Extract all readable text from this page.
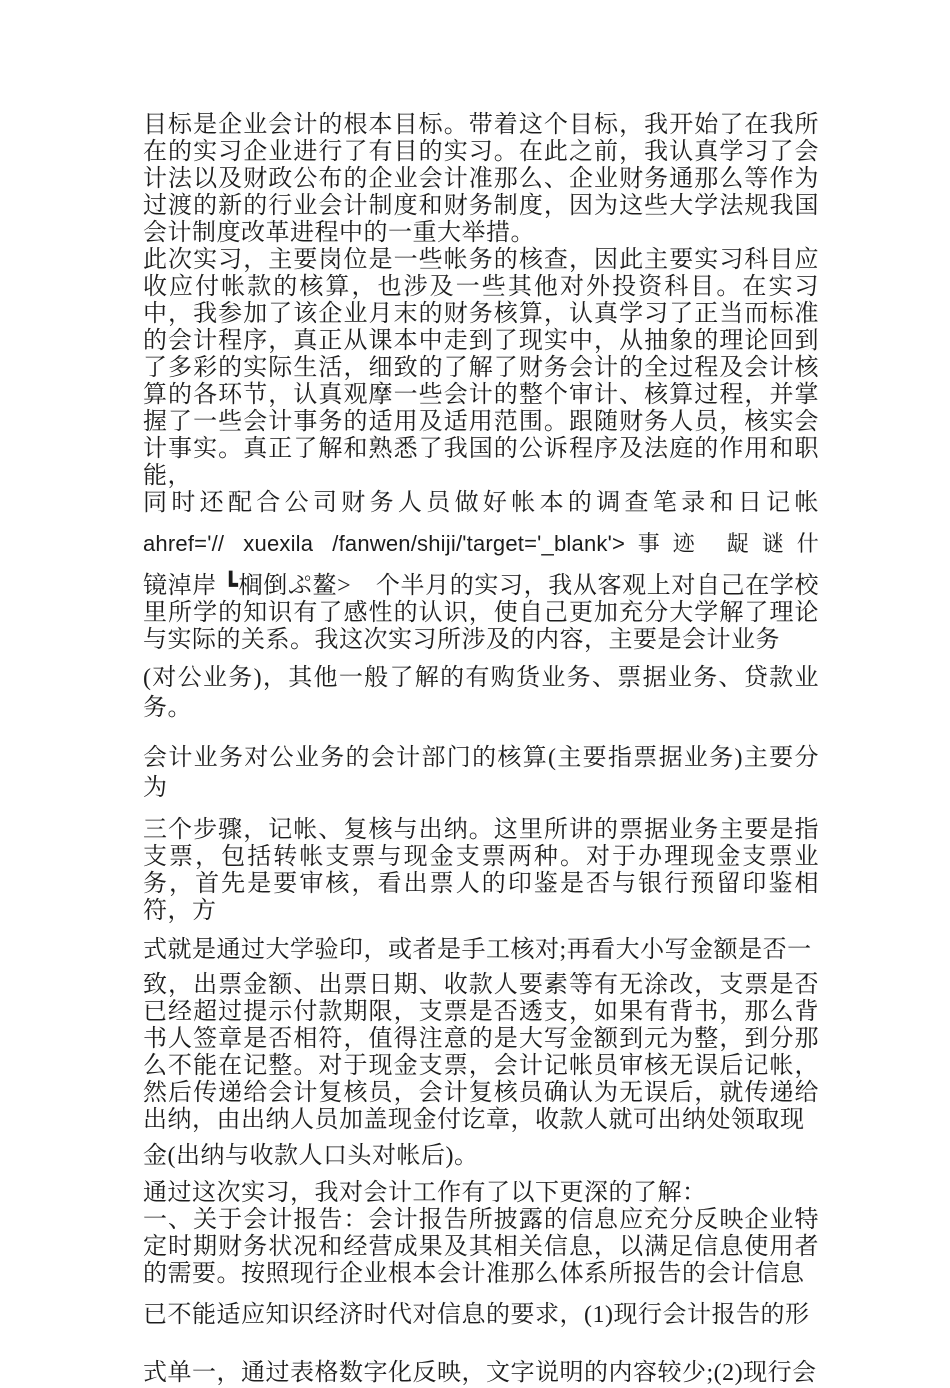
目标是企业会计的根本目标。带着这个目标，我开始了在我所在的实习企业进行了有目的实习。在此之前，我认真学习了会计法以及财政公布的企业会计准那么、企业财务通那么等作为过渡的新的行业会计制度和财务制度，因为这些大学法规我国会计制度改革进程中的一重大举措。

此次实习，主要岗位是一些帐务的核查，因此主要实习科目应收应付帐款的核算，也涉及一些其他对外投资科目。在实习中，我参加了该企业月末的财务核算，认真学习了正当而标准的会计程序，真正从课本中走到了现实中，从抽象的理论回到了多彩的实际生活，细致的了解了财务会计的全过程及会计核算的各环节，认真观摩一些会计的整个审计、核算过程，并掌握了一些会计事务的适用及适用范围。跟随财务人员，核实会计事实。真正了解和熟悉了我国的公诉程序及法庭的作用和职能，

同时还配合公司财务人员做好帐本的调查笔录和日记帐

ahref='// xuexila /fanwen/shiji/'target='_blank'>事迹 龊谜什

镜淖岸 ┗榈倒ぷ鳌>　个半月的实习，我从客观上对自己在学校里所学的知识有了感性的认识，使自己更加充分大学解了理论与实际的关系。我这次实习所涉及的内容，主要是会计业务

(对公业务)，其他一般了解的有购货业务、票据业务、贷款业务。

会计业务对公业务的会计部门的核算(主要指票据业务)主要分为

三个步骤，记帐、复核与出纳。这里所讲的票据业务主要是指支票，包括转帐支票与现金支票两种。对于办理现金支票业务，首先是要审核，看出票人的印鉴是否与银行预留印鉴相符，方

式就是通过大学验印，或者是手工核对;再看大小写金额是否一

致，出票金额、出票日期、收款人要素等有无涂改，支票是否已经超过提示付款期限，支票是否透支，如果有背书，那么背书人签章是否相符，值得注意的是大写金额到元为整，到分那么不能在记整。对于现金支票，会计记帐员审核无误后记帐，然后传递给会计复核员，会计复核员确认为无误后，就传递给出纳，由出纳人员加盖现金付讫章，收款人就可出纳处领取现

金(出纳与收款人口头对帐后)。

通过这次实习，我对会计工作有了以下更深的了解：

一、关于会计报告：会计报告所披露的信息应充分反映企业特定时期财务状况和经营成果及其相关信息，以满足信息使用者的需要。按照现行企业根本会计准那么体系所报告的会计信息

已不能适应知识经济时代对信息的要求，(1)现行会计报告的形

式单一，通过表格数字化反映，文字说明的内容较少;(2)现行会
